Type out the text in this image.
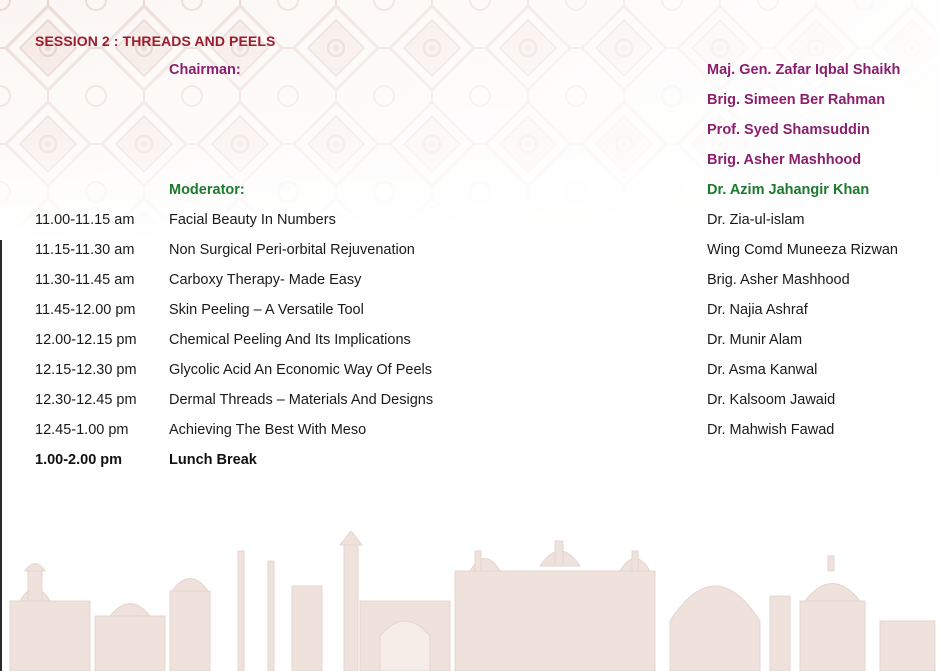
SESSION 2 : THREADS AND PEELS
Chairman:	Maj. Gen. Zafar Iqbal Shaikh
Brig. Simeen Ber Rahman
Prof. Syed Shamsuddin
Brig. Asher Mashhood
Moderator:	Dr. Azim Jahangir Khan
11.00-11.15 am Facial Beauty In Numbers	Dr. Zia-ul-islam
11.15-11.30 am Non Surgical Peri-orbital Rejuvenation	Wing Comd Muneeza Rizwan
11.30-11.45 am Carboxy Therapy- Made Easy	Brig. Asher Mashhood
11.45-12.00 pm Skin Peeling – A Versatile Tool	Dr. Najia Ashraf
12.00-12.15 pm Chemical Peeling And Its Implications	Dr. Munir Alam
12.15-12.30 pm Glycolic Acid An Economic Way Of Peels	Dr. Asma Kanwal
12.30-12.45 pm Dermal Threads – Materials And Designs	Dr. Kalsoom Jawaid
12.45-1.00 pm	Achieving The Best With Meso	Dr. Mahwish Fawad
1.00-2.00 pm	Lunch Break
